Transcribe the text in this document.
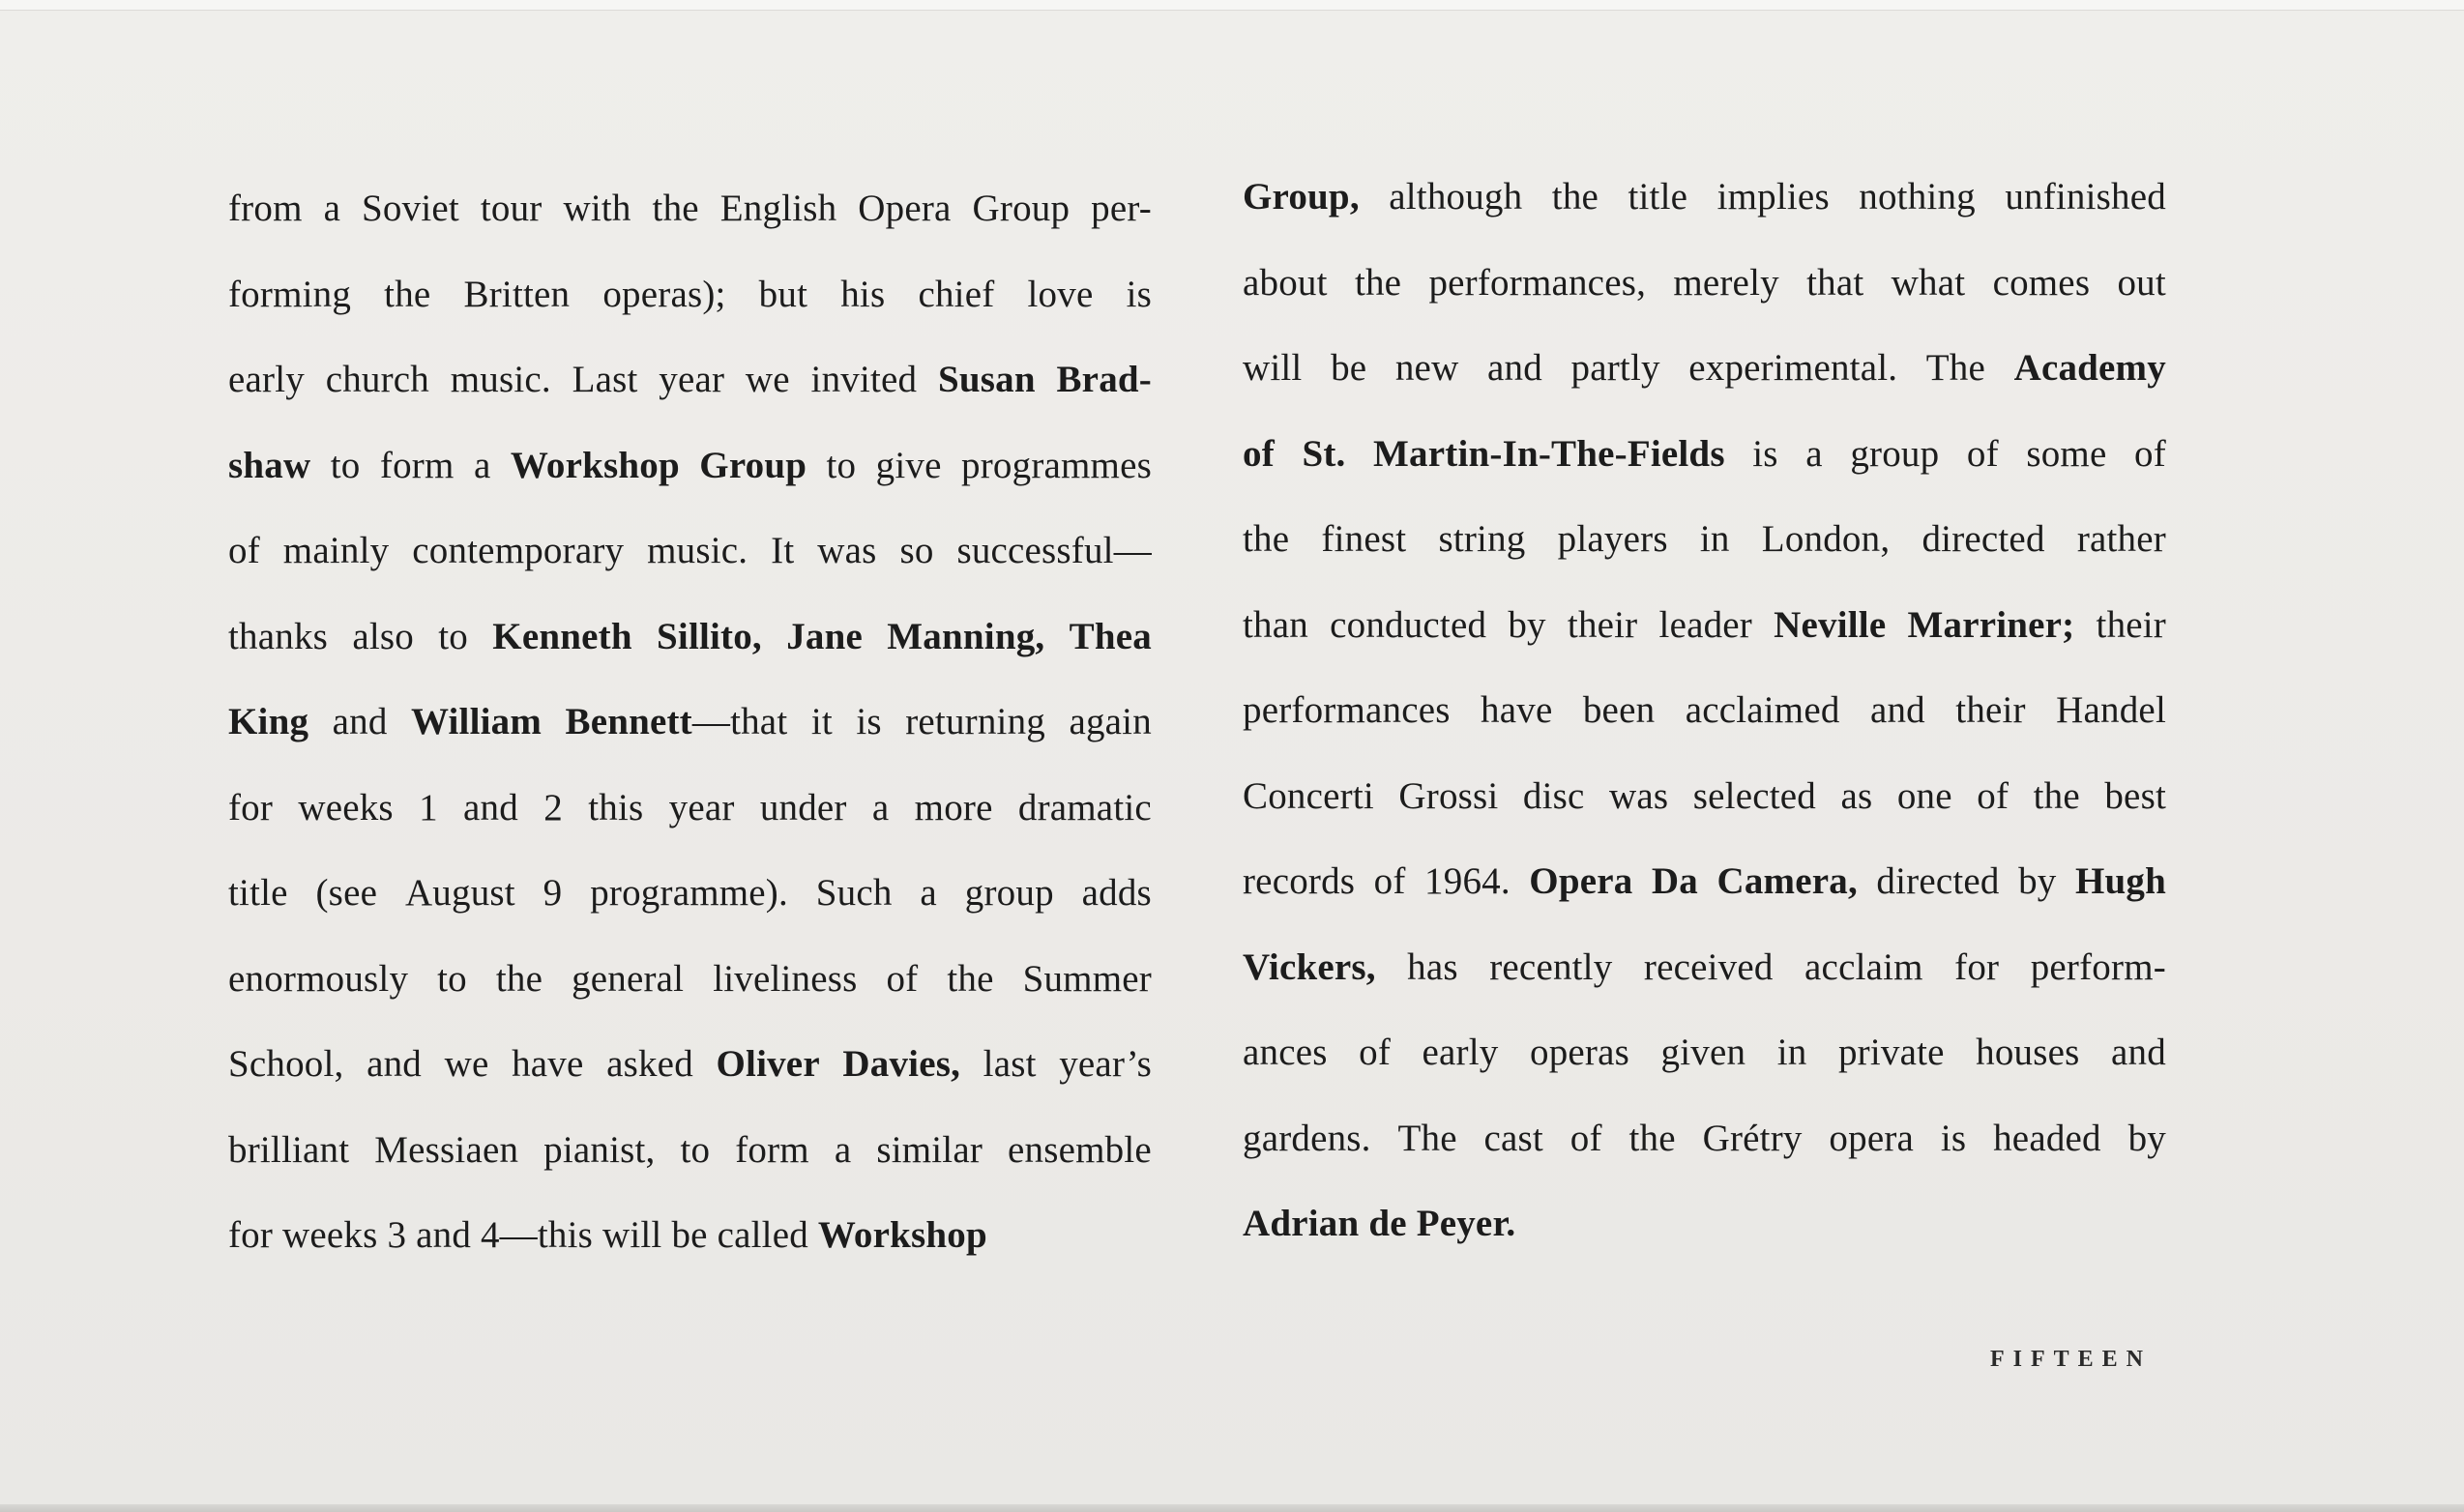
from a Soviet tour with the English Opera Group per-
forming the Britten operas); but his chief love is
early church music. Last year we invited Susan Brad-
shaw to form a Workshop Group to give programmes
of mainly contemporary music. It was so successful—
thanks also to Kenneth Sillito, Jane Manning, Thea
King and William Bennett—that it is returning again
for weeks 1 and 2 this year under a more dramatic
title (see August 9 programme). Such a group adds
enormously to the general liveliness of the Summer
School, and we have asked Oliver Davies, last year’s
brilliant Messiaen pianist, to form a similar ensemble
for
weeks
3
and
4—this
will
be
called
Workshop

Group, although the title implies nothing unfinished
about the performances, merely that what comes out
will be new and partly experimental. The Academy
of St. Martin-In-The-Fields is a group of some of
the finest string players in London, directed rather
than conducted by their leader Neville Marriner; their
performances have been acclaimed and their Handel
Concerti Grossi disc was selected as one of the best
records of 1964. Opera Da Camera, directed by Hugh
Vickers, has recently received acclaim for perform-
ances of early operas given in private houses and
gardens. The cast of the Grétry opera is headed by
Adrian
de
Peyer.

FIFTEEN
